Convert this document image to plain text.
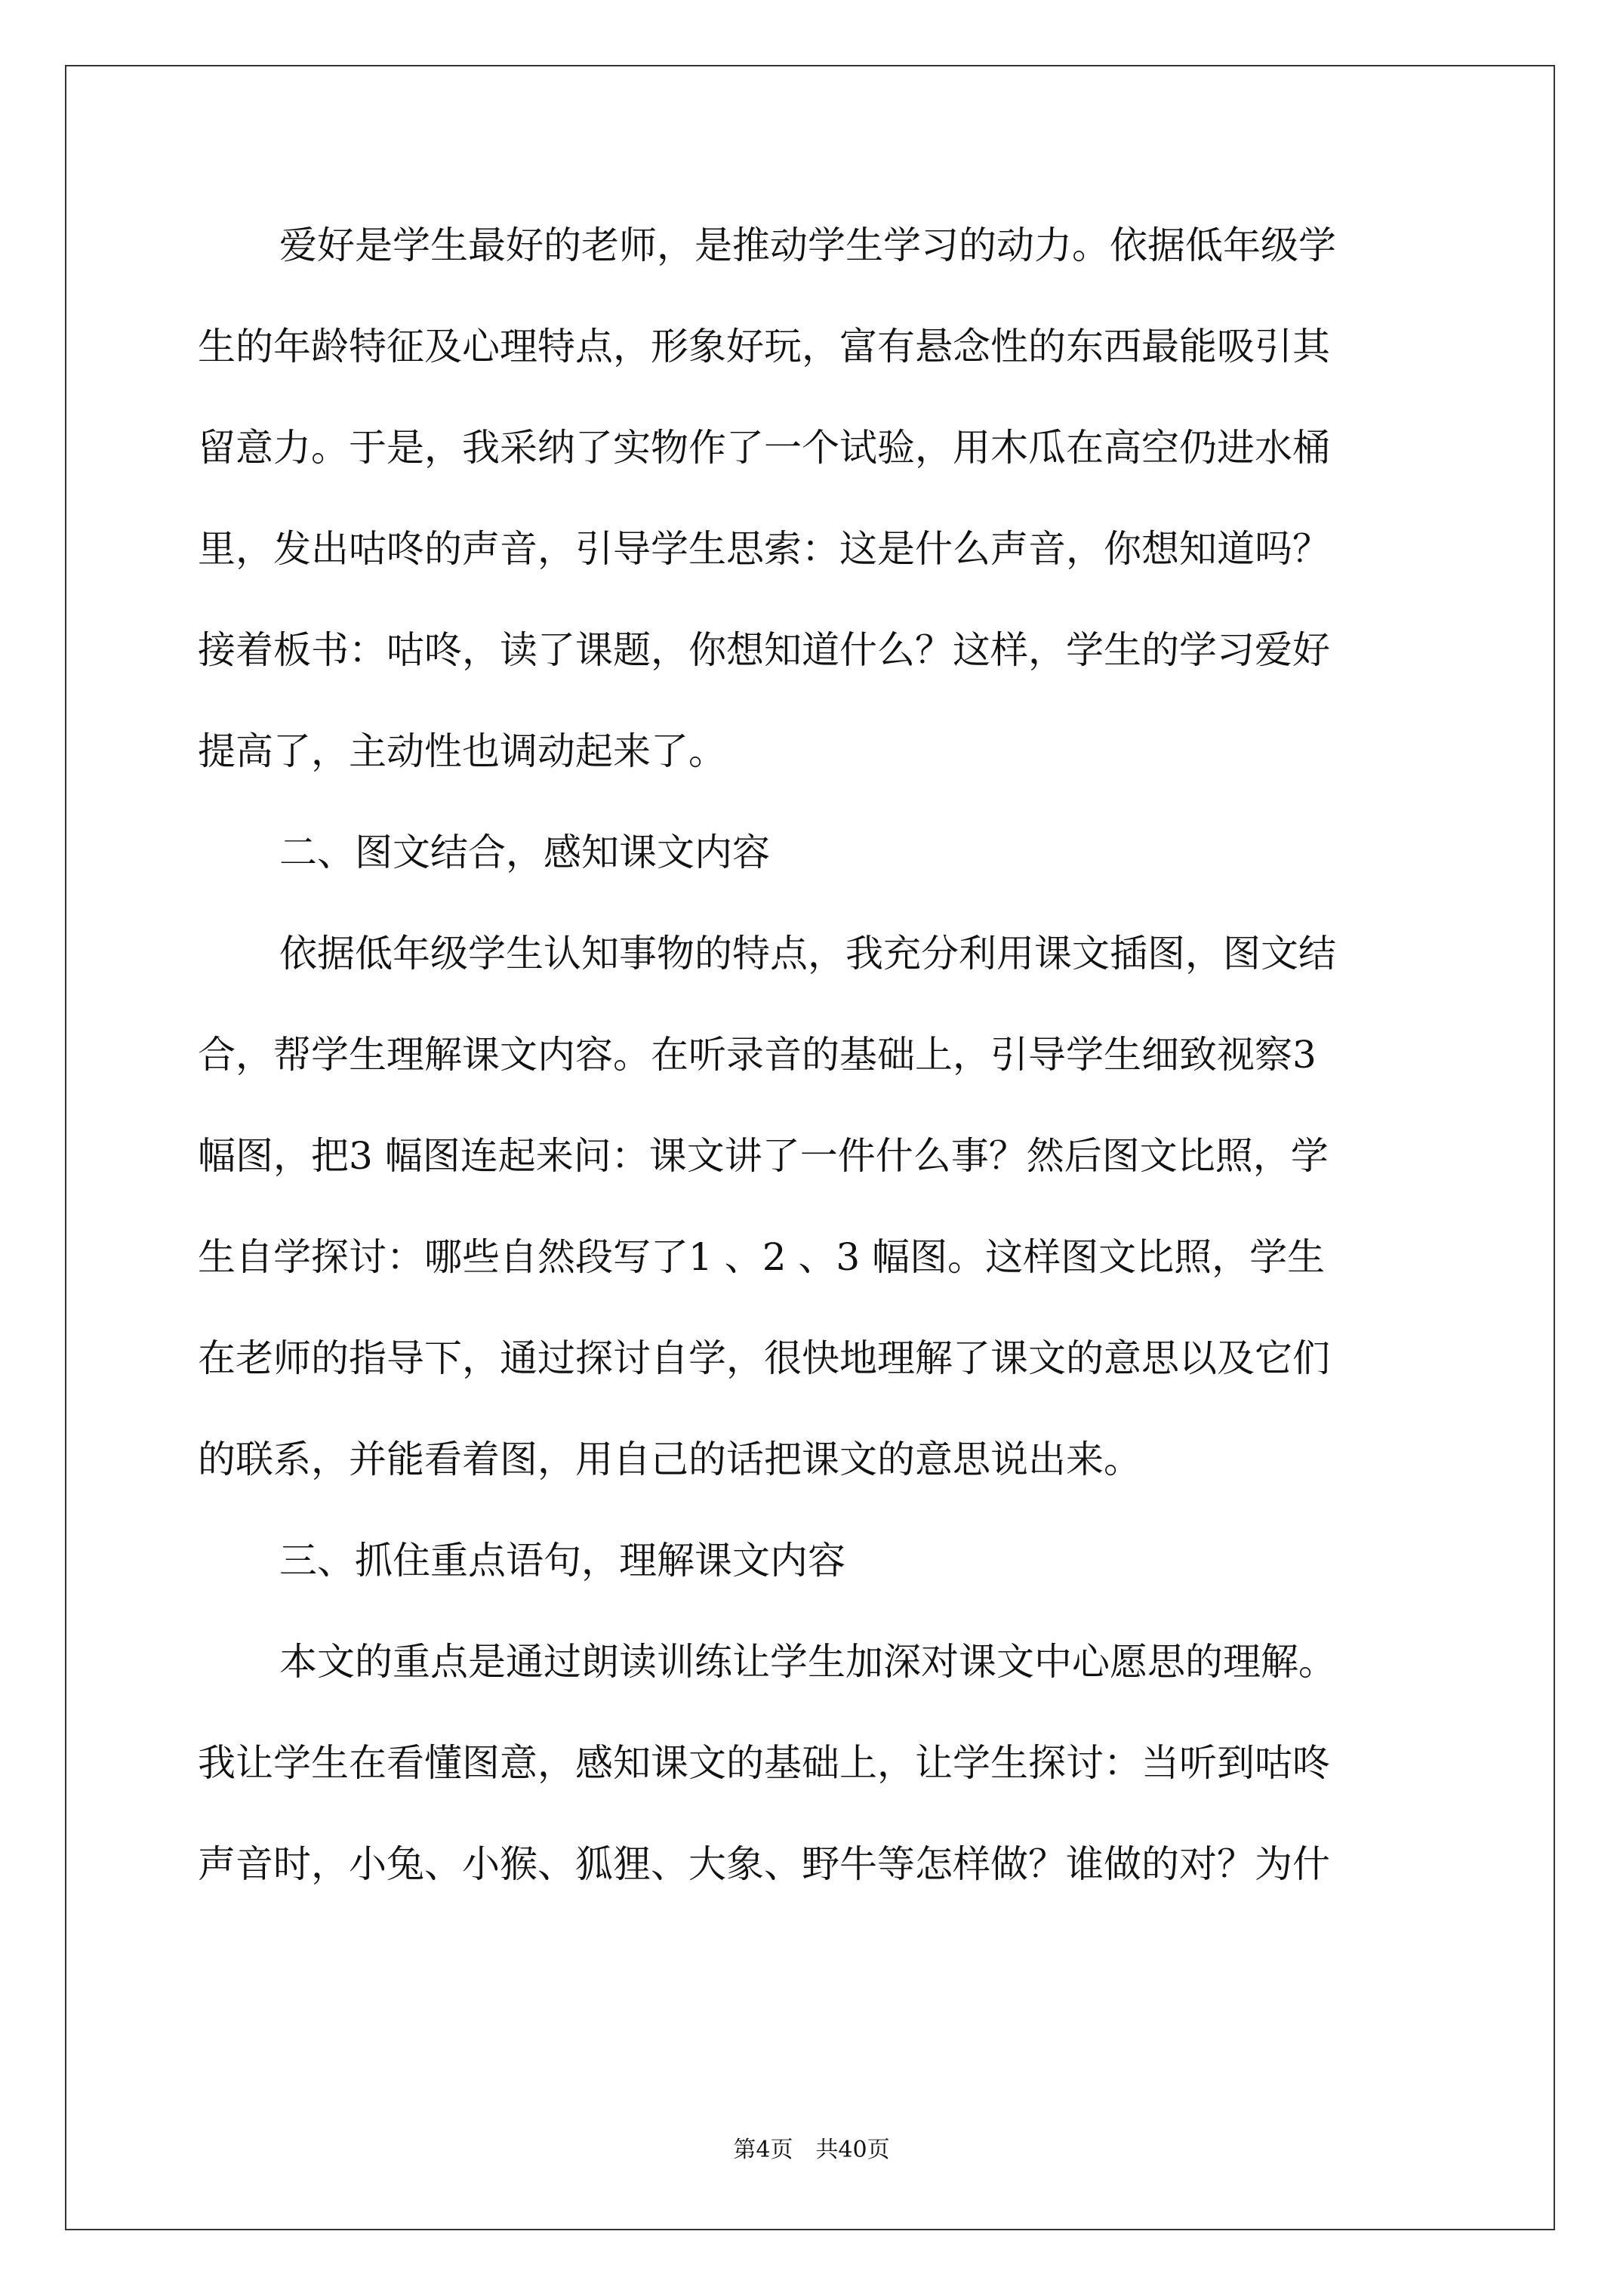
爱好是学生最好的老师，是推动学生学习的动力。依据低年级学
生的年龄特征及心理特点，形象好玩，富有悬念性的东西最能吸引其
留意力。于是，我采纳了实物作了一个试验，用木瓜在高空仍进水桶
里，发出咕咚的声音，引导学生思索：这是什么声音，你想知道吗？
接着板书：咕咚，读了课题，你想知道什么？这样，学生的学习爱好
提高了，主动性也调动起来了。
二、图文结合，感知课文内容
依据低年级学生认知事物的特点，我充分利用课文插图，图文结
合，帮学生理解课文内容。在听录音的基础上，引导学生细致视察3
幅图，把3 幅图连起来问：课文讲了一件什么事？然后图文比照，学
生自学探讨：哪些自然段写了1 、2 、3 幅图。这样图文比照，学生
在老师的指导下，通过探讨自学，很快地理解了课文的意思以及它们
的联系，并能看着图，用自己的话把课文的意思说出来。
三、抓住重点语句，理解课文内容
本文的重点是通过朗读训练让学生加深对课文中心愿思的理解。
我让学生在看懂图意，感知课文的基础上，让学生探讨：当听到咕咚
声音时，小兔、小猴、狐狸、大象、野牛等怎样做？谁做的对？为什
第4页　共40页
